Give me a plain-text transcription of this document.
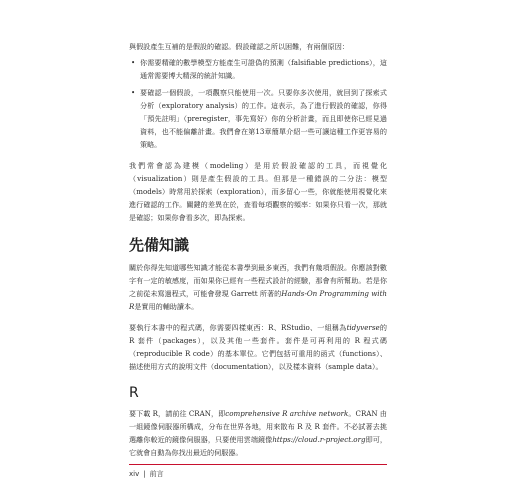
與假設產生互補的是假設的確認。假設確認之所以困難，有兩個原因：

• 你需要精確的數學模型方能產生可證偽的預測（falsifiable predictions），這通常需要博大精深的統計知識。
• 要確認一個假設，一項觀察只能使用一次。只要你多次使用，就回到了探索式分析（exploratory analysis）的工作。這表示，為了進行假設的確認，你得「預先註明」（preregister，事先寫好）你的分析計畫，而且即使你已經見過資料，也不能偏離計畫。我們會在第13章簡單介紹一些可讓這種工作更容易的策略。

我們常會認為建模（modeling）是用於假設確認的工具，而視覺化（visualization）則是產生假設的工具。但那是一種錯誤的二分法：模型（models）時常用於探索（exploration），而多留心一些，你就能使用視覺化來進行確認的工作。關鍵的差異在於，查看每項觀察的頻率：如果你只看一次，那就是確認；如果你會看多次，即為探索。

先備知識

關於你得先知道哪些知識才能從本書學到最多東西，我們有幾項假設。你應該對數字有一定的敏感度，而如果你已經有一些程式設計的經驗，那會有所幫助。若是你之前從未寫過程式，可能會發現 Garrett 所著的Hands-On Programming with R是實用的輔助讀本。

要執行本書中的程式碼，你需要四樣東西：R、RStudio、一組稱為tidyverse的 R 套件（packages），以及其他一些套件。套件是可再利用的 R 程式碼（reproducible R code）的基本單位。它們包括可重用的函式（functions）、描述使用方式的說明文件（documentation），以及樣本資料（sample data）。

R

要下載 R，請前往 CRAN，即comprehensive R archive network。CRAN 由一組鏡像伺服器所構成，分布在世界各地，用來散布 R 及 R 套件。不必試著去挑選離你較近的鏡像伺服器，只要使用雲端鏡像https://cloud.r-project.org即可，它就會自動為你找出最近的伺服器。

xiv | 前言
